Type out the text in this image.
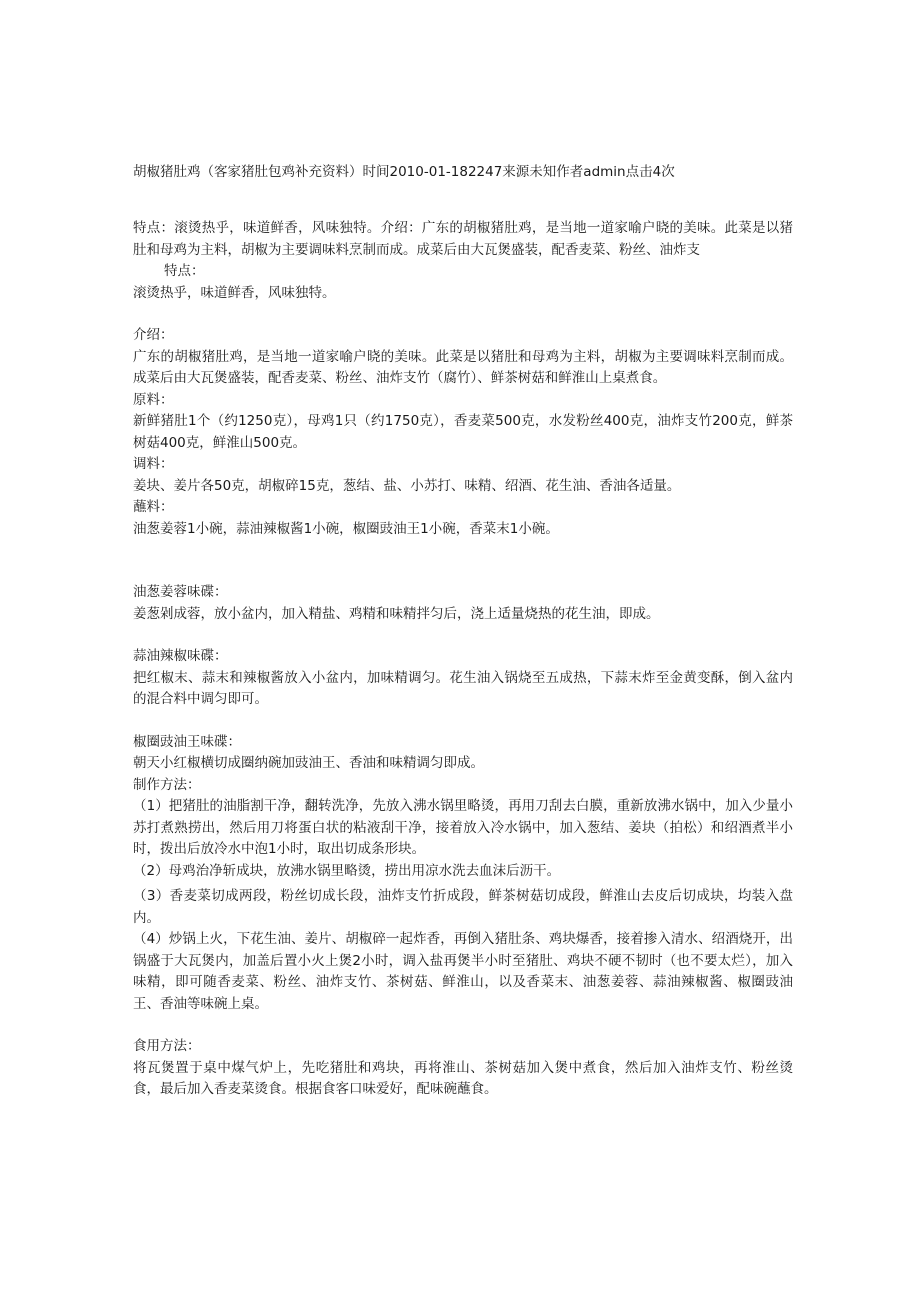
胡椒猪肚鸡（客家猪肚包鸡补充资料）时间2010-01-182247来源未知作者admin点击4次

特点：滚烫热乎，味道鲜香，风味独特。介绍：广东的胡椒猪肚鸡，是当地一道家喻户晓的美味。此菜是以猪肚和母鸡为主料，胡椒为主要调味料烹制而成。成菜后由大瓦煲盛装，配香麦菜、粉丝、油炸支

特点：

滚烫热乎，味道鲜香，风味独特。

介绍：

广东的胡椒猪肚鸡，是当地一道家喻户晓的美味。此菜是以猪肚和母鸡为主料，胡椒为主要调味料烹制而成。成菜后由大瓦煲盛装，配香麦菜、粉丝、油炸支竹（腐竹）、鲜茶树菇和鲜淮山上桌煮食。

原料：

新鲜猪肚1个（约1250克），母鸡1只（约1750克），香麦菜500克，水发粉丝400克，油炸支竹200克，鲜茶树菇400克，鲜淮山500克。

调料：

姜块、姜片各50克，胡椒碎15克，葱结、盐、小苏打、味精、绍酒、花生油、香油各适量。

蘸料：

油葱姜蓉1小碗，蒜油辣椒酱1小碗，椒圈豉油王1小碗，香菜末1小碗。

油葱姜蓉味碟：

姜葱剁成蓉，放小盆内，加入精盐、鸡精和味精拌匀后，浇上适量烧热的花生油，即成。

蒜油辣椒味碟：

把红椒末、蒜末和辣椒酱放入小盆内，加味精调匀。花生油入锅烧至五成热，下蒜末炸至金黄变酥，倒入盆内的混合料中调匀即可。

椒圈豉油王味碟：

朝天小红椒横切成圈纳碗加豉油王、香油和味精调匀即成。

制作方法：

（1）把猪肚的油脂割干净，翻转洗净，先放入沸水锅里略烫，再用刀刮去白膜，重新放沸水锅中，加入少量小苏打煮熟捞出，然后用刀将蛋白状的粘液刮干净，接着放入冷水锅中，加入葱结、姜块（拍松）和绍酒煮半小时，拨出后放冷水中泡1小时，取出切成条形块。

（2）母鸡治净斩成块，放沸水锅里略烫，捞出用凉水洗去血沫后沥干。

（3）香麦菜切成两段，粉丝切成长段，油炸支竹折成段，鲜茶树菇切成段，鲜淮山去皮后切成块，均装入盘内。

（4）炒锅上火，下花生油、姜片、胡椒碎一起炸香，再倒入猪肚条、鸡块爆香，接着掺入清水、绍酒烧开，出锅盛于大瓦煲内，加盖后置小火上煲2小时，调入盐再煲半小时至猪肚、鸡块不硬不韧时（也不要太烂），加入味精，即可随香麦菜、粉丝、油炸支竹、茶树菇、鲜淮山，以及香菜末、油葱姜蓉、蒜油辣椒酱、椒圈豉油王、香油等味碗上桌。

食用方法：

将瓦煲置于桌中煤气炉上，先吃猪肚和鸡块，再将淮山、茶树菇加入煲中煮食，然后加入油炸支竹、粉丝烫食，最后加入香麦菜烫食。根据食客口味爱好，配味碗蘸食。
